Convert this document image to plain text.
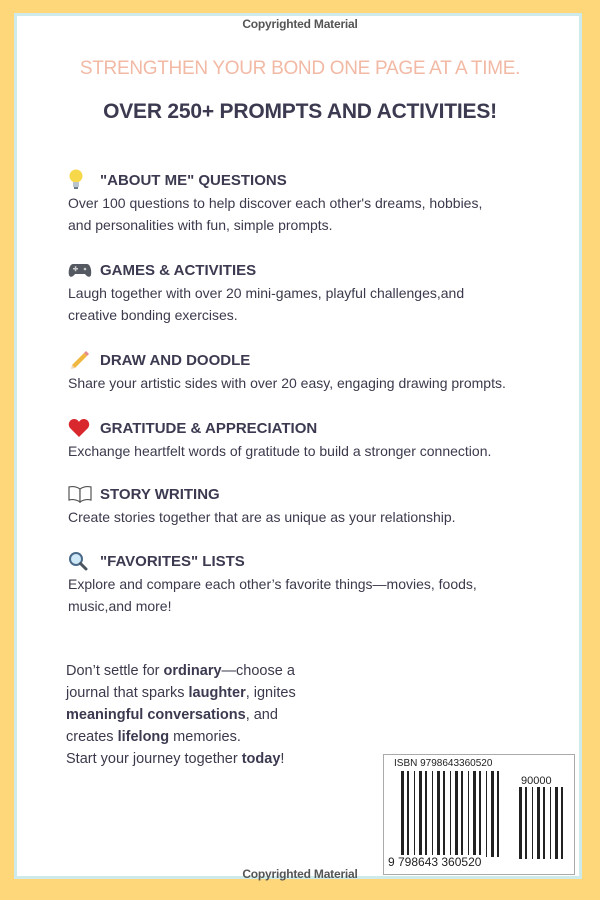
Copyrighted Material
Copyrighted Material
STRENGTHEN YOUR BOND ONE PAGE AT A TIME.
OVER 250+ PROMPTS AND ACTIVITIES!
"ABOUT ME" QUESTIONS

Over 100 questions to help discover each other's dreams, hobbies,
and personalities with fun, simple prompts.

GAMES & ACTIVITIES

Laugh together with over 20 mini-games, playful challenges,and
creative bonding exercises.

DRAW AND DOODLE

Share your artistic sides with over 20 easy, engaging drawing prompts.

GRATITUDE & APPRECIATION

Exchange heartfelt words of gratitude to build a stronger connection.

STORY WRITING

Create stories together that are as unique as your relationship.

"FAVORITES" LISTS

Explore and compare each other’s favorite things—movies, foods,
music,and more!

Don’t settle for ordinary—choose a
journal that sparks laughter, ignites
meaningful conversations, and
creates lifelong memories.
Start your journey together today!	ISBN 9798643360520
90000
9 798643 360520
